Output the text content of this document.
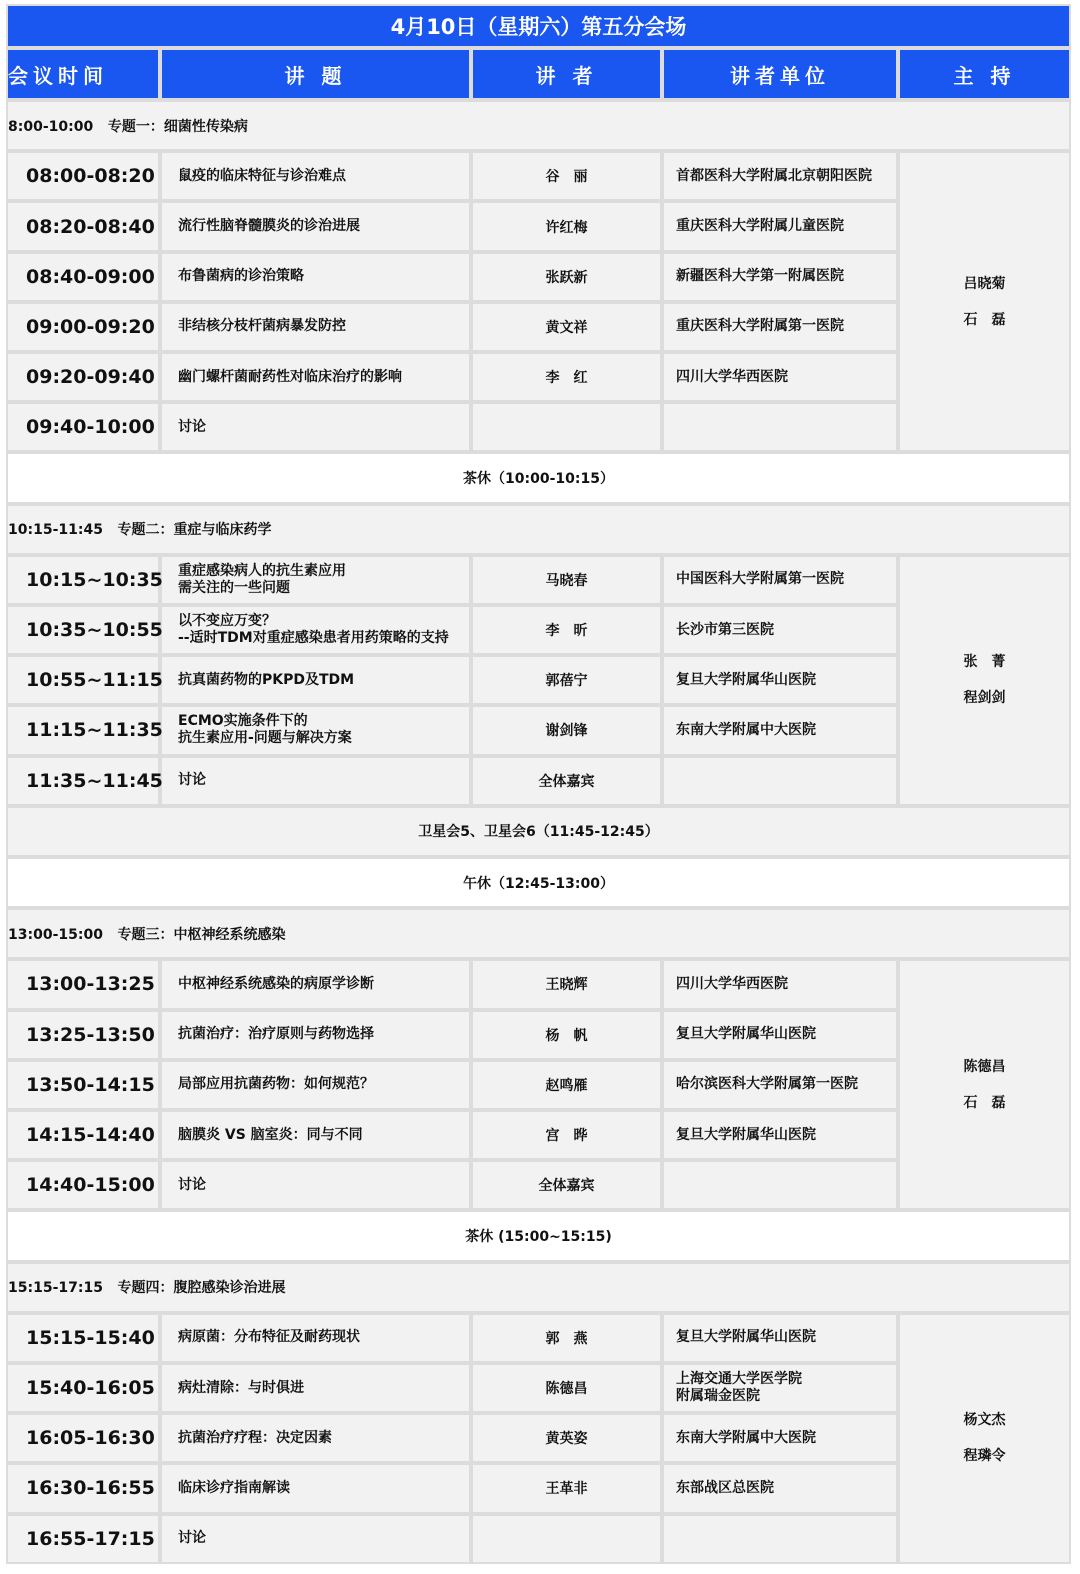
4月10日（星期六）第五分会场				
会议时间	讲 题	讲 者	讲者单位	主 持
8:00-10:00   专题一：细菌性传染病				
08:00-08:20	鼠疫的临床特征与诊治难点	谷　丽	首都医科大学附属北京朝阳医院	吕晓菊
石　磊

08:20-08:40	流行性脑脊髓膜炎的诊治进展	许红梅	重庆医科大学附属儿童医院	
08:40-09:00	布鲁菌病的诊治策略	张跃新	新疆医科大学第一附属医院	
09:00-09:20	非结核分枝杆菌病暴发防控	黄文祥	重庆医科大学附属第一医院	
09:20-09:40	幽门螺杆菌耐药性对临床治疗的影响	李　红	四川大学华西医院	
09:40-10:00	讨论			
茶休（10:00-10:15）				
10:15-11:45   专题二：重症与临床药学				
10:15~10:35	重症感染病人的抗生素应用
需关注的一些问题	马晓春	中国医科大学附属第一医院	张　菁
程剑剑

10:35~10:55	以不变应万变？
--适时TDM对重症感染患者用药策略的支持	李　昕	长沙市第三医院	
10:55~11:15	抗真菌药物的PKPD及TDM	郭蓓宁	复旦大学附属华山医院	
11:15~11:35	ECMO实施条件下的
抗生素应用-问题与解决方案	谢剑锋	东南大学附属中大医院	
11:35~11:45	讨论	全体嘉宾		
卫星会5、卫星会6（11:45-12:45）				
午休（12:45-13:00）				
13:00-15:00   专题三：中枢神经系统感染				
13:00-13:25	中枢神经系统感染的病原学诊断	王晓辉	四川大学华西医院	陈德昌
石　磊

13:25-13:50	抗菌治疗：治疗原则与药物选择	杨　帆	复旦大学附属华山医院	
13:50-14:15	局部应用抗菌药物：如何规范？	赵鸣雁	哈尔滨医科大学附属第一医院	
14:15-14:40	脑膜炎 VS 脑室炎：同与不同	宫　晔	复旦大学附属华山医院	
14:40-15:00	讨论	全体嘉宾		
茶休 (15:00~15:15)				
15:15-17:15   专题四：腹腔感染诊治进展				
15:15-15:40	病原菌：分布特征及耐药现状	郭　燕	复旦大学附属华山医院	杨文杰
程璘令

15:40-16:05	病灶清除：与时俱进	陈德昌	上海交通大学医学院
附属瑞金医院	
16:05-16:30	抗菌治疗疗程：决定因素	黄英姿	东南大学附属中大医院	
16:30-16:55	临床诊疗指南解读	王革非	东部战区总医院	
16:55-17:15	讨论			
